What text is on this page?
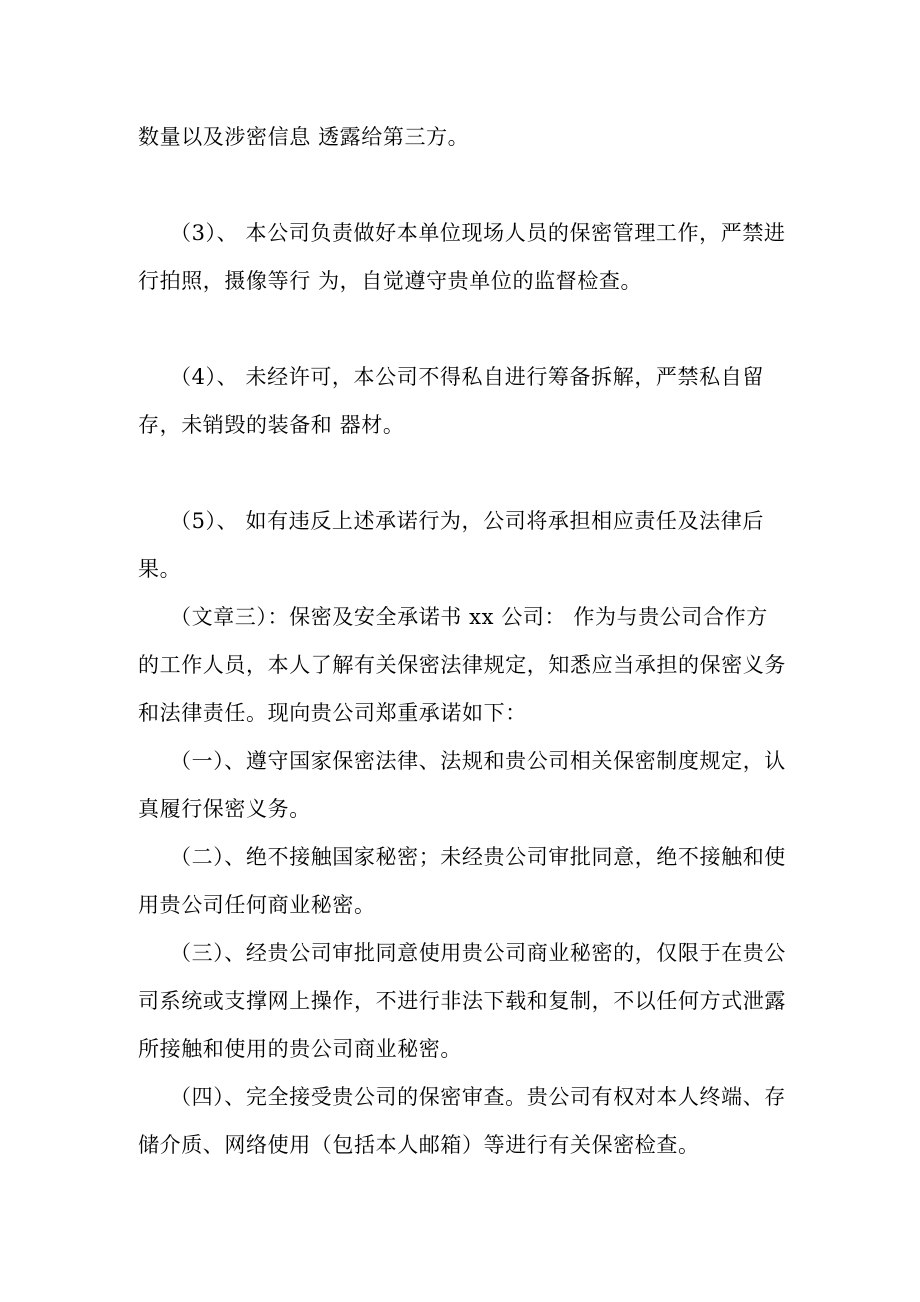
数量以及涉密信息 透露给第三方。

（3）、 本公司负责做好本单位现场人员的保密管理工作，严禁进行拍照，摄像等行 为，自觉遵守贵单位的监督检查。

（4）、 未经许可，本公司不得私自进行筹备拆解，严禁私自留存，未销毁的装备和 器材。

（5）、 如有违反上述承诺行为，公司将承担相应责任及法律后果。

（文章三）：保密及安全承诺书 xx 公司： 作为与贵公司合作方的工作人员，本人了解有关保密法律规定，知悉应当承担的保密义务和法律责任。现向贵公司郑重承诺如下：

（一）、遵守国家保密法律、法规和贵公司相关保密制度规定，认真履行保密义务。

（二）、绝不接触国家秘密；未经贵公司审批同意，绝不接触和使用贵公司任何商业秘密。

（三）、经贵公司审批同意使用贵公司商业秘密的，仅限于在贵公司系统或支撑网上操作，不进行非法下载和复制，不以任何方式泄露所接触和使用的贵公司商业秘密。

（四）、完全接受贵公司的保密审查。贵公司有权对本人终端、存储介质、网络使用（包括本人邮箱）等进行有关保密检查。
